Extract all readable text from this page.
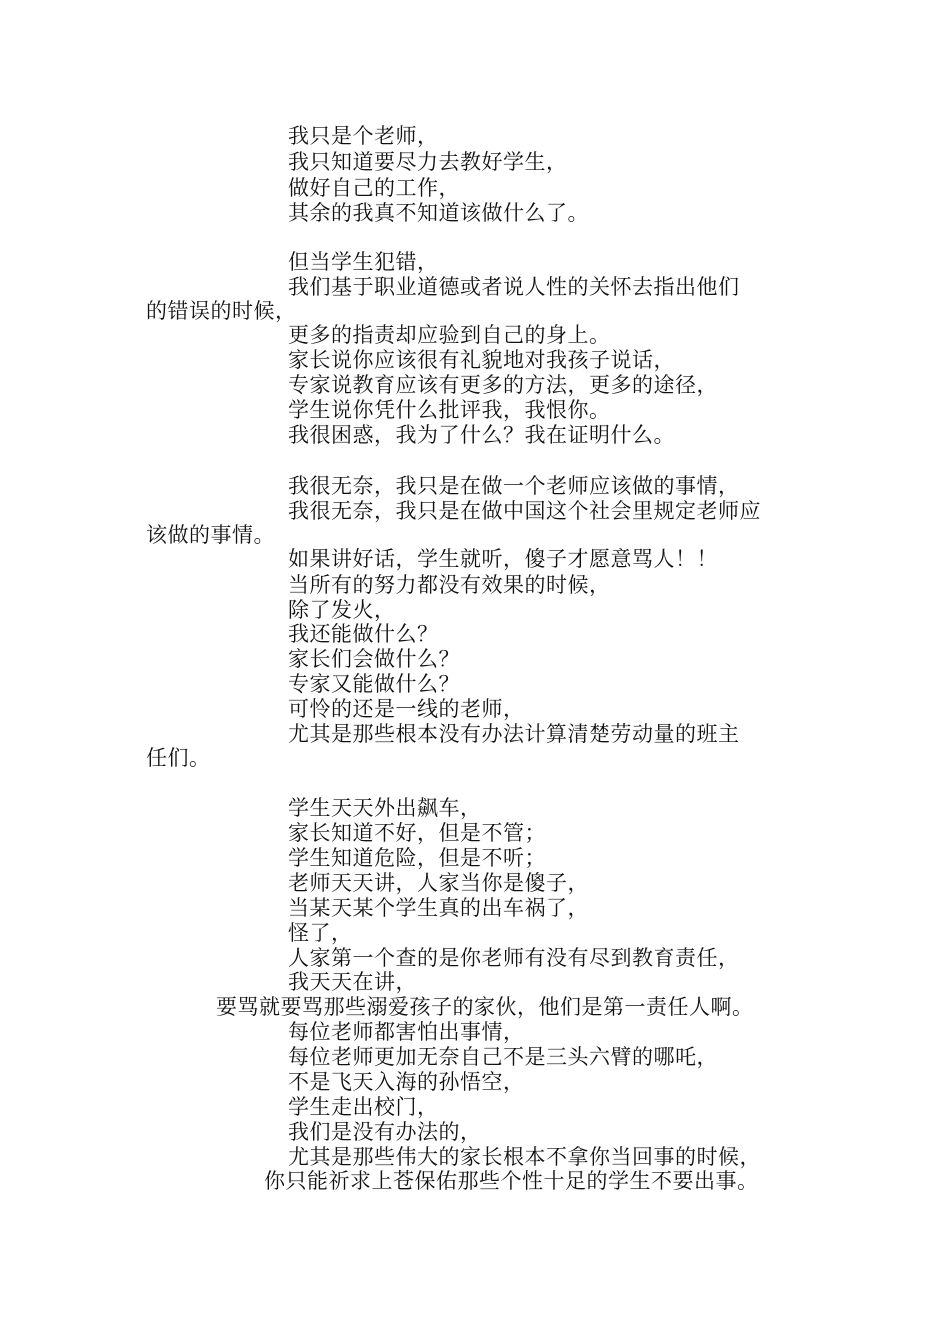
我只是个老师，
我只知道要尽力去教好学生，
做好自己的工作，
其余的我真不知道该做什么了。
但当学生犯错，
我们基于职业道德或者说人性的关怀去指出他们
的错误的时候，
更多的指责却应验到自己的身上。
家长说你应该很有礼貌地对我孩子说话，
专家说教育应该有更多的方法，更多的途径，
学生说你凭什么批评我，我恨你。
我很困惑，我为了什么？我在证明什么。
我很无奈，我只是在做一个老师应该做的事情，
我很无奈，我只是在做中国这个社会里规定老师应
该做的事情。
如果讲好话，学生就听，傻子才愿意骂人！！
当所有的努力都没有效果的时候，
除了发火，
我还能做什么？
家长们会做什么？
专家又能做什么？
可怜的还是一线的老师，
尤其是那些根本没有办法计算清楚劳动量的班主
任们。
学生天天外出飙车，
家长知道不好，但是不管；
学生知道危险，但是不听；
老师天天讲，人家当你是傻子，
当某天某个学生真的出车祸了，
怪了，
人家第一个查的是你老师有没有尽到教育责任，
我天天在讲，
要骂就要骂那些溺爱孩子的家伙，他们是第一责任人啊。
每位老师都害怕出事情，
每位老师更加无奈自己不是三头六臂的哪吒，
不是飞天入海的孙悟空，
学生走出校门，
我们是没有办法的，
尤其是那些伟大的家长根本不拿你当回事的时候，
你只能祈求上苍保佑那些个性十足的学生不要出事。
